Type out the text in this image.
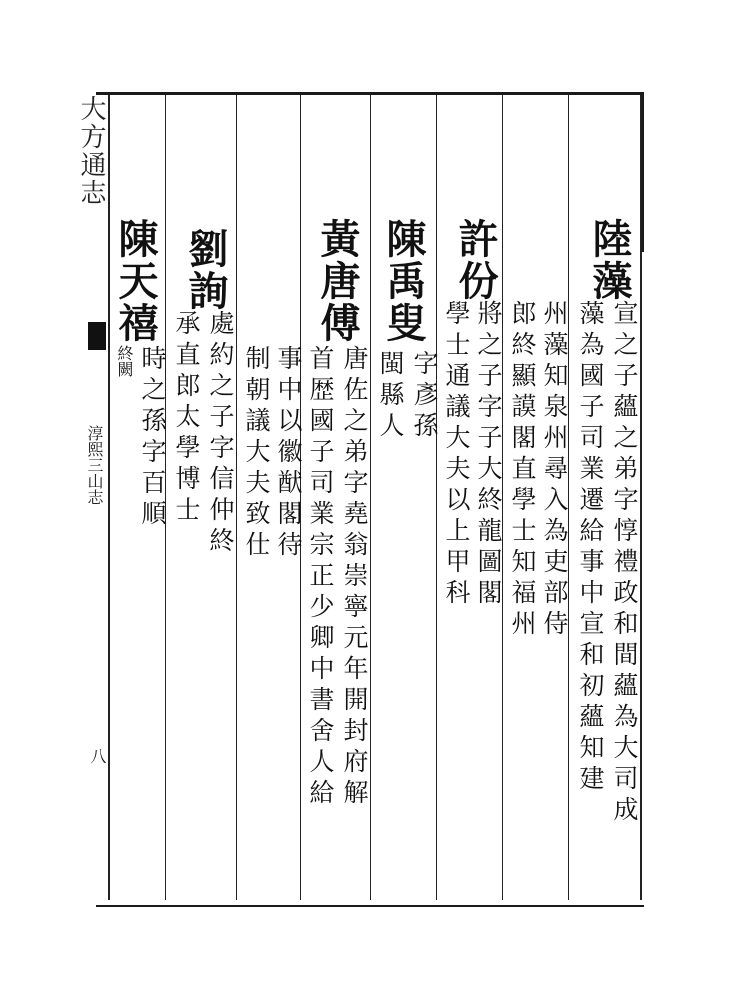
大方通志
淳熙三山志
八
陸藻
宣之子蘊之弟字惇禮政和間蘊為大司成
藻為國子司業遷給事中宣和初蘊知建
州藻知泉州尋入為吏部侍
郎終顯謨閣直學士知福州
許份
將之子字子大終龍圖閣
學士通議大夫以上甲科
陳禹叟
字彥孫
閩縣人
黃唐傅
唐佐之弟字堯翁崇寧元年開封府解
首歴國子司業宗正少卿中書舍人給
事中以徽猷閣待
制朝議大夫致仕
劉詢
處約之子字信仲終
承直郎太學博士
陳天禧
時之孫字百順
終闕
